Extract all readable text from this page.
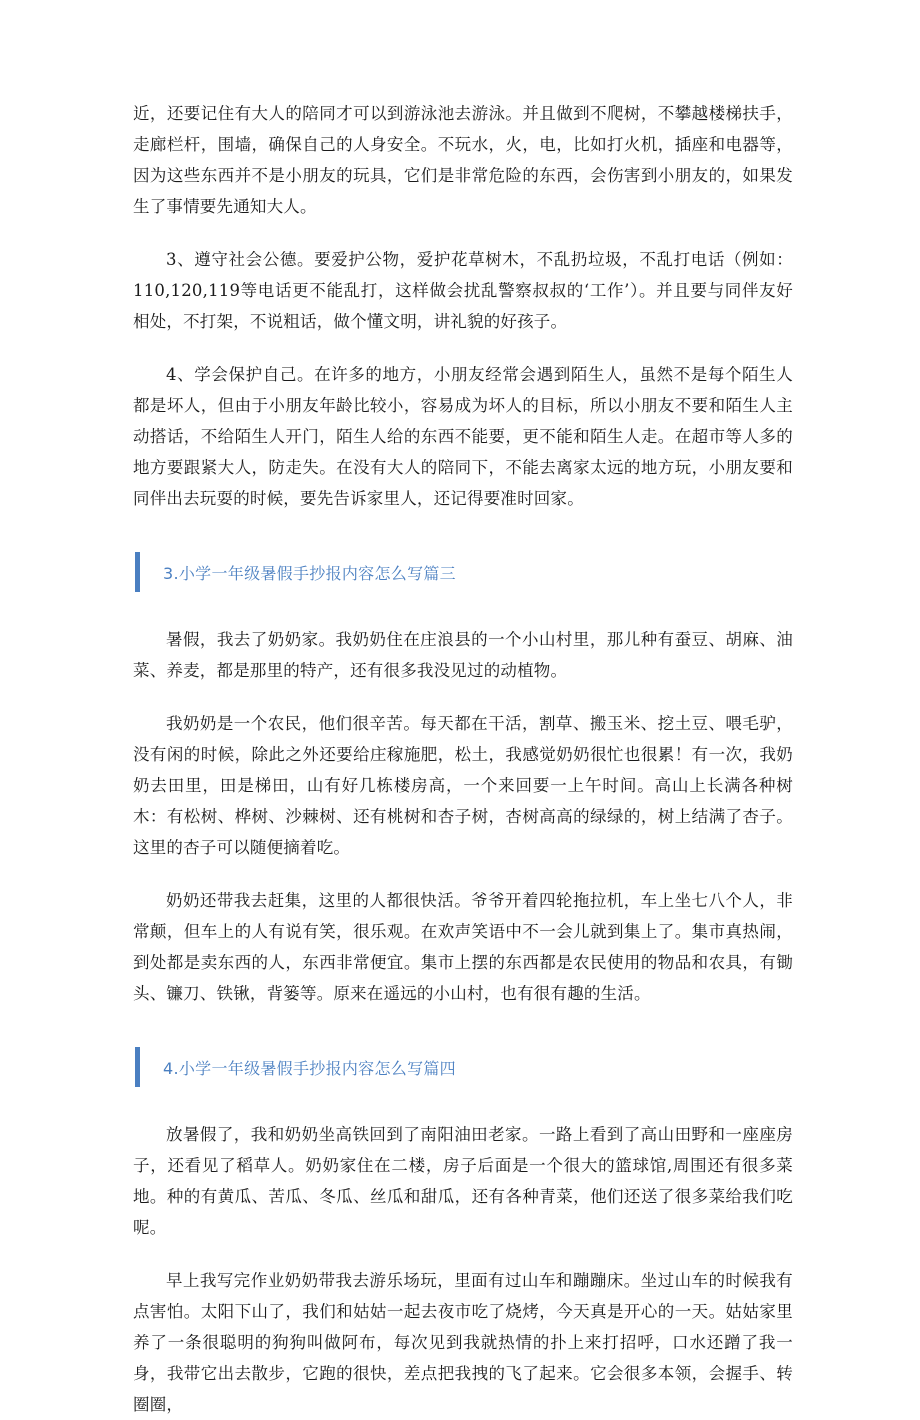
近，还要记住有大人的陪同才可以到游泳池去游泳。并且做到不爬树，不攀越楼梯扶手，走廊栏杆，围墙，确保自己的人身安全。不玩水，火，电，比如打火机，插座和电器等，因为这些东西并不是小朋友的玩具，它们是非常危险的东西，会伤害到小朋友的，如果发生了事情要先通知大人。

3、遵守社会公德。要爱护公物，爱护花草树木，不乱扔垃圾，不乱打电话（例如：110,120,119等电话更不能乱打，这样做会扰乱警察叔叔的‘工作’）。并且要与同伴友好相处，不打架，不说粗话，做个懂文明，讲礼貌的好孩子。

4、学会保护自己。在许多的地方，小朋友经常会遇到陌生人，虽然不是每个陌生人都是坏人，但由于小朋友年龄比较小，容易成为坏人的目标，所以小朋友不要和陌生人主动搭话，不给陌生人开门，陌生人给的东西不能要，更不能和陌生人走。在超市等人多的地方要跟紧大人，防走失。在没有大人的陪同下，不能去离家太远的地方玩，小朋友要和同伴出去玩耍的时候，要先告诉家里人，还记得要准时回家。

3.小学一年级暑假手抄报内容怎么写篇三

暑假，我去了奶奶家。我奶奶住在庄浪县的一个小山村里，那儿种有蚕豆、胡麻、油菜、养麦，都是那里的特产，还有很多我没见过的动植物。

我奶奶是一个农民，他们很辛苦。每天都在干活，割草、搬玉米、挖土豆、喂毛驴，没有闲的时候，除此之外还要给庄稼施肥，松土，我感觉奶奶很忙也很累！有一次，我奶奶去田里，田是梯田，山有好几栋楼房高，一个来回要一上午时间。高山上长满各种树木：有松树、桦树、沙棘树、还有桃树和杏子树，杏树高高的绿绿的，树上结满了杏子。这里的杏子可以随便摘着吃。

奶奶还带我去赶集，这里的人都很快活。爷爷开着四轮拖拉机，车上坐七八个人，非常颠，但车上的人有说有笑，很乐观。在欢声笑语中不一会儿就到集上了。集市真热闹，到处都是卖东西的人，东西非常便宜。集市上摆的东西都是农民使用的物品和农具，有锄头、镰刀、铁锹，背篓等。原来在遥远的小山村，也有很有趣的生活。

4.小学一年级暑假手抄报内容怎么写篇四

放暑假了，我和奶奶坐高铁回到了南阳油田老家。一路上看到了高山田野和一座座房子，还看见了稻草人。奶奶家住在二楼，房子后面是一个很大的篮球馆,周围还有很多菜地。种的有黄瓜、苦瓜、冬瓜、丝瓜和甜瓜，还有各种青菜，他们还送了很多菜给我们吃呢。

早上我写完作业奶奶带我去游乐场玩，里面有过山车和蹦蹦床。坐过山车的时候我有点害怕。太阳下山了，我们和姑姑一起去夜市吃了烧烤，今天真是开心的一天。姑姑家里养了一条很聪明的狗狗叫做阿布，每次见到我就热情的扑上来打招呼，口水还蹭了我一身，我带它出去散步，它跑的很快，差点把我拽的飞了起来。它会很多本领，会握手、转圈圈，
